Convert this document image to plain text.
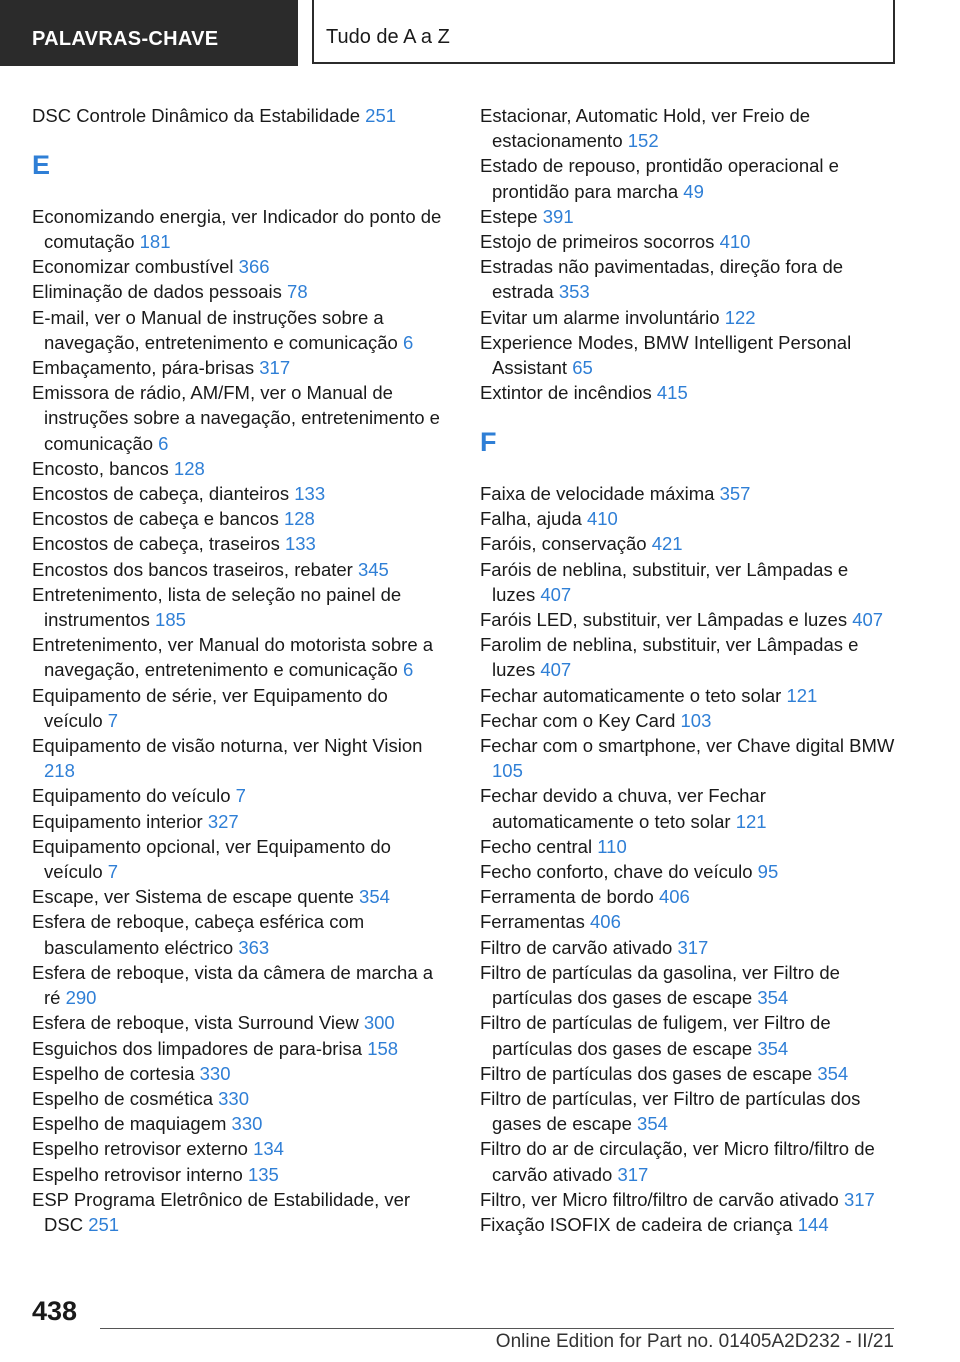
PALAVRAS-CHAVE	Tudo de A a Z
DSC Controle Dinâmico da Estabilidade 251
E
Economizando energia, ver Indicador do ponto de comutação 181
Economizar combustível 366
Eliminação de dados pessoais 78
E-mail, ver o Manual de instruções sobre a navegação, entretenimento e comunicação 6
Embaçamento, pára-brisas 317
Emissora de rádio, AM/FM, ver o Manual de instruções sobre a navegação, entretenimento e comunicação 6
Encosto, bancos 128
Encostos de cabeça, dianteiros 133
Encostos de cabeça e bancos 128
Encostos de cabeça, traseiros 133
Encostos dos bancos traseiros, rebater 345
Entretenimento, lista de seleção no painel de instrumentos 185
Entretenimento, ver Manual do motorista sobre a navegação, entretenimento e comunicação 6
Equipamento de série, ver Equipamento do veículo 7
Equipamento de visão noturna, ver Night Vision 218
Equipamento do veículo 7
Equipamento interior 327
Equipamento opcional, ver Equipamento do veículo 7
Escape, ver Sistema de escape quente 354
Esfera de reboque, cabeça esférica com basculamento eléctrico 363
Esfera de reboque, vista da câmera de marcha a ré 290
Esfera de reboque, vista Surround View 300
Esguichos dos limpadores de para-brisa 158
Espelho de cortesia 330
Espelho de cosmética 330
Espelho de maquiagem 330
Espelho retrovisor externo 134
Espelho retrovisor interno 135
ESP Programa Eletrônico de Estabilidade, ver DSC 251
Estacionar, Automatic Hold, ver Freio de estacionamento 152
Estado de repouso, prontidão operacional e prontidão para marcha 49
Estepe 391
Estojo de primeiros socorros 410
Estradas não pavimentadas, direção fora de estrada 353
Evitar um alarme involuntário 122
Experience Modes, BMW Intelligent Personal Assistant 65
Extintor de incêndios 415
F
Faixa de velocidade máxima 357
Falha, ajuda 410
Faróis, conservação 421
Faróis de neblina, substituir, ver Lâmpadas e luzes 407
Faróis LED, substituir, ver Lâmpadas e luzes 407
Farolim de neblina, substituir, ver Lâmpadas e luzes 407
Fechar automaticamente o teto solar 121
Fechar com o Key Card 103
Fechar com o smartphone, ver Chave digital BMW 105
Fechar devido a chuva, ver Fechar automaticamente o teto solar 121
Fecho central 110
Fecho conforto, chave do veículo 95
Ferramenta de bordo 406
Ferramentas 406
Filtro de carvão ativado 317
Filtro de partículas da gasolina, ver Filtro de partículas dos gases de escape 354
Filtro de partículas de fuligem, ver Filtro de partículas dos gases de escape 354
Filtro de partículas dos gases de escape 354
Filtro de partículas, ver Filtro de partículas dos gases de escape 354
Filtro do ar de circulação, ver Micro filtro/filtro de carvão ativado 317
Filtro, ver Micro filtro/filtro de carvão ativado 317
Fixação ISOFIX de cadeira de criança 144
438
Online Edition for Part no. 01405A2D232 - II/21
